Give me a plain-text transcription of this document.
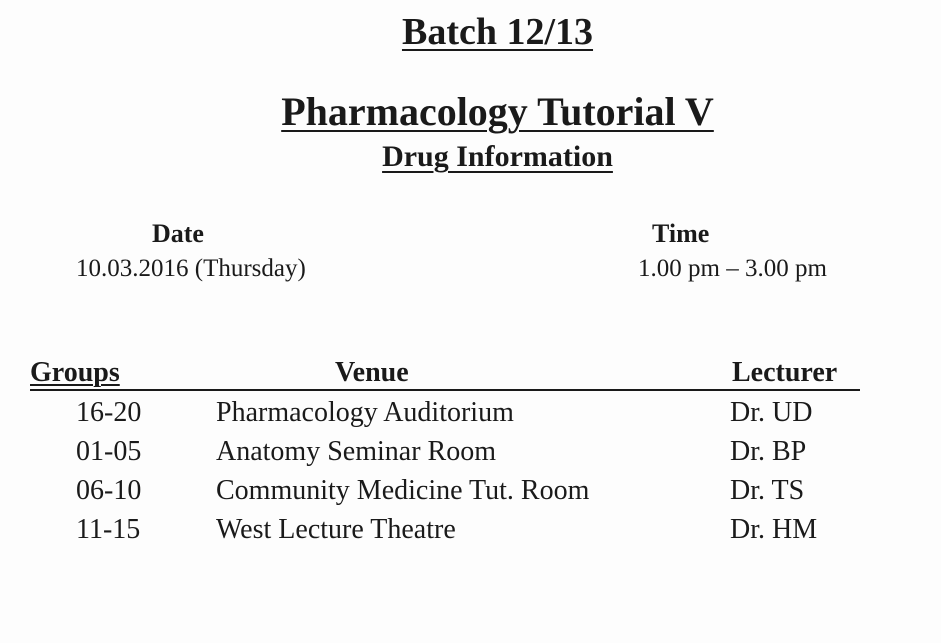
Batch 12/13
Pharmacology Tutorial V
Drug Information
Date
10.03.2016 (Thursday)
Time
1.00 pm – 3.00 pm
Groups	Venue	Lecturer
16-20	Pharmacology Auditorium	Dr. UD
01-05	Anatomy Seminar Room	Dr. BP
06-10	Community Medicine Tut. Room	Dr. TS
11-15	West Lecture Theatre	Dr. HM
